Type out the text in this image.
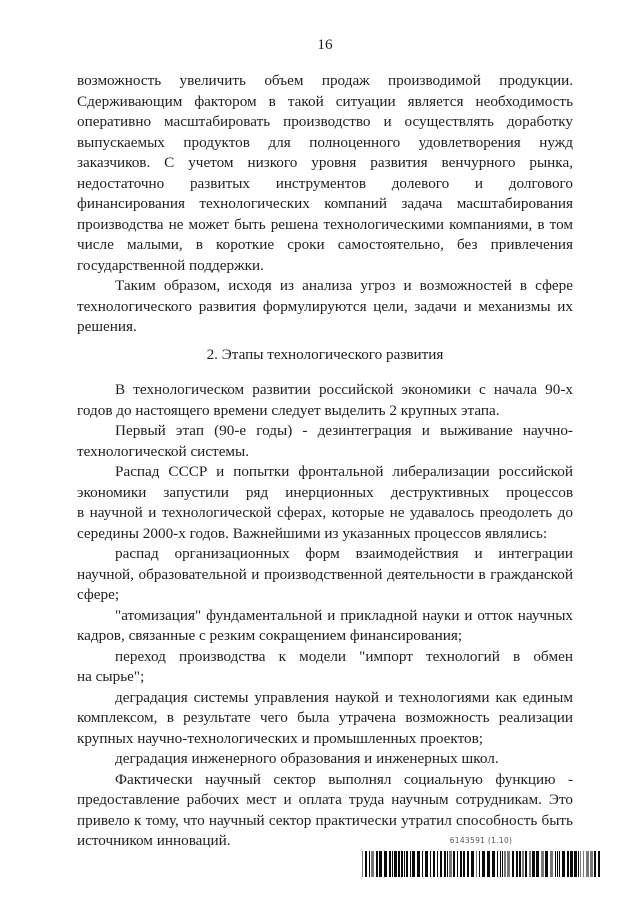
16
возможность увеличить объем продаж производимой продукции. Сдерживающим фактором в такой ситуации является необходимость оперативно масштабировать производство и осуществлять доработку выпускаемых продуктов для полноценного удовлетворения нужд заказчиков. С учетом низкого уровня развития венчурного рынка, недостаточно развитых инструментов долевого и долгового финансирования технологических компаний задача масштабирования производства не может быть решена технологическими компаниями, в том числе малыми, в короткие сроки самостоятельно, без привлечения государственной поддержки.
Таким образом, исходя из анализа угроз и возможностей в сфере технологического развития формулируются цели, задачи и механизмы их решения.
2. Этапы технологического развития
В технологическом развитии российской экономики с начала 90-х годов до настоящего времени следует выделить 2 крупных этапа.
Первый этап (90-е годы) - дезинтеграция и выживание научно-технологической системы.
Распад СССР и попытки фронтальной либерализации российской экономики запустили ряд инерционных деструктивных процессов в научной и технологической сферах, которые не удавалось преодолеть до середины 2000-х годов. Важнейшими из указанных процессов являлись:
распад организационных форм взаимодействия и интеграции научной, образовательной и производственной деятельности в гражданской сфере;
"атомизация" фундаментальной и прикладной науки и отток научных кадров, связанные с резким сокращением финансирования;
переход производства к модели "импорт технологий в обмен на сырье";
деградация системы управления наукой и технологиями как единым комплексом, в результате чего была утрачена возможность реализации крупных научно-технологических и промышленных проектов;
деградация инженерного образования и инженерных школ.
Фактически научный сектор выполнял социальную функцию - предоставление рабочих мест и оплата труда научным сотрудникам. Это привело к тому, что научный сектор практически утратил способность быть источником инноваций.	6143591 (1.10)
